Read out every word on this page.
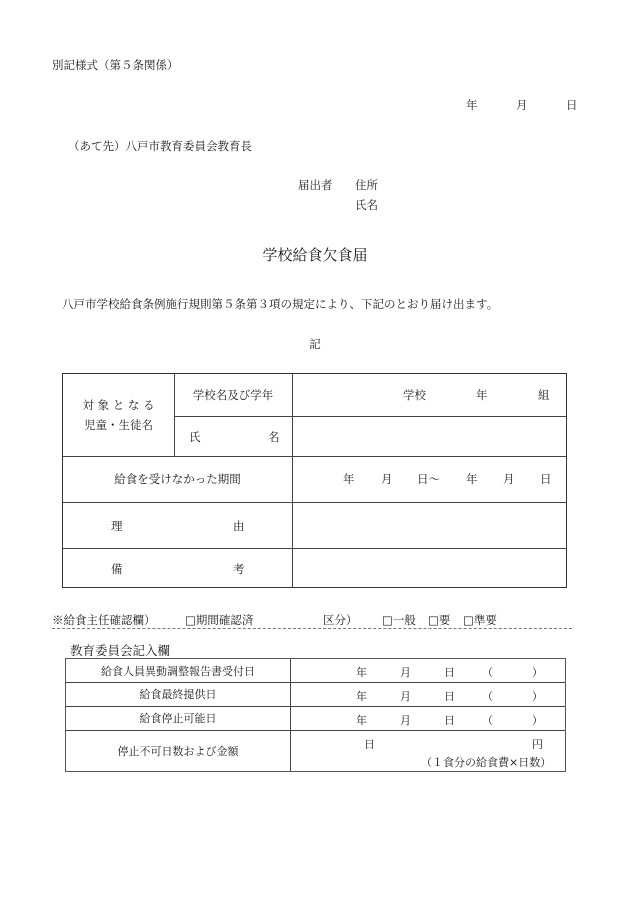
別記様式（第５条関係）
年	月	日
（あて先）八戸市教育委員会教育長
届出者 住所
氏名
学校給食欠食届
八戸市学校給食条例施行規則第５条第３項の規定により、下記のとおり届け出ます。
記
対 象 と な る
児童・生徒名
学校名及び学年	学校	年	組
氏	名
給食を受けなかった期間	年 月 日～ 年 月 日
理	由
備	考
※給食主任確認欄）	□期間確認済	区分） □一般 □要 □準要
教育委員会記入欄
給食人員異動調整報告書受付日	年	月	日 （	）
給食最終提供日	年	月	日 （	）
給食停止可能日	年	月	日 （	）
停止不可日数および金額	日	円
（１食分の給食費×日数）
